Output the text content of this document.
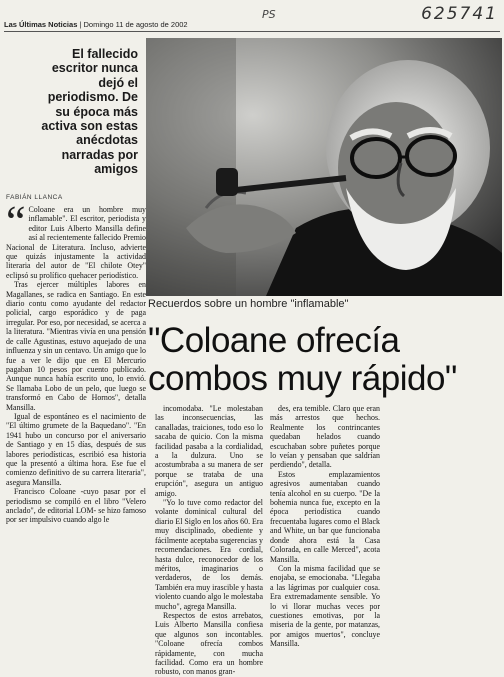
Las Últimas Noticias | Domingo 11 de agosto de 2002
PS	625741
El fallecido escritor nunca dejó el periodismo. De su época más activa son estas anécdotas narradas por amigos
FABIÁN LLANCA
Recuerdos sobre un hombre "inflamable"
"Coloane ofrecía combos muy rápido"
“ Coloane era un hombre muy inflamable". El escritor, periodista y editor Luis Alberto Mansilla define así al recientemente fallecido Premio Nacional de Literatura. Incluso, advierte que quizás injustamente la actividad literaria del autor de "El chilote Otey" eclipsó su prolífico quehacer periodístico.

Tras ejercer múltiples labores en Magallanes, se radica en Santiago. En este diario contu como ayudante del redactor policial, cargo esporádico y de paga irregular. Por eso, por necesidad, se acerca a la literatura. "Mientras vivía en una pensión de calle Agustinas, estuvo aquejado de una influenza y sin un centavo. Un amigo que lo fue a ver le dijo que en El Mercurio pagaban 10 pesos por cuento publicado. Aunque nunca había escrito uno, lo envió. Se llamaba Lobo de un pelo, que luego se transformó en Cabo de Hornos", detalla Mansilla.

Igual de espontáneo es el nacimiento de "El último grumete de la Baquedano". "En 1941 hubo un concurso por el aniversario de Santiago y en 15 días, después de sus labores periodísticas, escribió esa historia que la presentó a última hora. Ese fue el comienzo definitivo de su carrera literaria", asegura Mansilla.

Francisco Coloane -cuyo pasar por el periodismo se compiló en el libro "Velero anclado", de editorial LOM- se hizo famoso por ser impulsivo cuando algo le

incomodaba. "Le molestaban las inconsecuencias, las canalladas, traiciones, todo eso lo sacaba de quicio. Con la misma facilidad pasaba a la cordialidad, a la dulzura. Uno se acostumbraba a su manera de ser porque se trataba de una erupción", asegura un antiguo amigo.

"Yo lo tuve como redactor del volante dominical cultural del diario El Siglo en los años 60. Era muy disciplinado, obediente y fácilmente aceptaba sugerencias y recomendaciones. Era cordial, hasta dulce, reconocedor de los méritos, imaginarios o verdaderos, de los demás. También era muy irascible y hasta violento cuando algo le molestaba mucho", agrega Mansilla.

Respectos de estos arrebatos, Luis Alberto Mansilla confiesa que algunos son incontables. "Coloane ofrecía combos rápidamente, con mucha facilidad. Como era un hombre robusto, con manos gran-

des, era temible. Claro que eran más arrestos que hechos. Realmente los contrincantes quedaban helados cuando escuchaban sobre puñetes porque lo veían y pensaban que saldrían perdiendo", detalla.

Estos emplazamientos agresivos aumentaban cuando tenía alcohol en su cuerpo. "De la bohemia nunca fue, excepto en la época periodística cuando frecuentaba lugares como el Black and White, un bar que funcionaba donde ahora está la Casa Colorada, en calle Merced", acota Mansilla.

Con la misma facilidad que se enojaba, se emocionaba. "Llegaba a las lágrimas por cualquier cosa. Era extremadamente sensible. Yo lo vi llorar muchas veces por cuestiones emotivas, por la miseria de la gente, por matanzas, por amigos muertos", concluye Mansilla.
